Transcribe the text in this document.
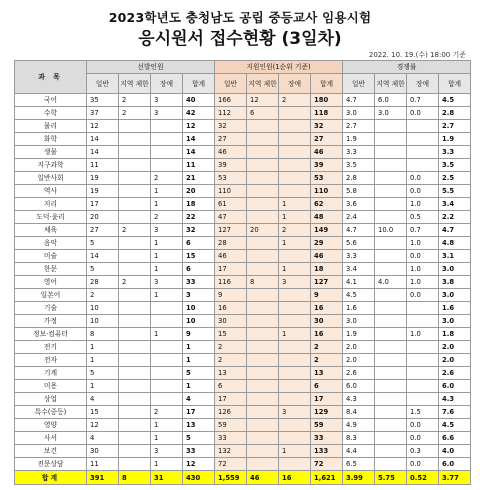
2023학년도 충청남도 공립 중등교사 임용시험
응시원서 접수현황 (3일차)
2022. 10. 19.(수) 18:00 기준
과 목	선발인원				지원인원(1순위 기준)				경쟁률			
	일반	지역 제한	장애	합계	일반	지역 제한	장애	합계	일반	지역 제한	장애	합계
국어	35	2	3	40	166	12	2	180	4.7	6.0	0.7	4.5
수학	37	2	3	42	112	6		118	3.0	3.0	0.0	2.8
물리	12			12	32			32	2.7			2.7
화학	14			14	27			27	1.9			1.9
생물	14			14	46			46	3.3			3.3
지구과학	11			11	39			39	3.5			3.5
일반사회	19		2	21	53			53	2.8		0.0	2.5
역사	19		1	20	110			110	5.8		0.0	5.5
지리	17		1	18	61		1	62	3.6		1.0	3.4
도덕·윤리	20		2	22	47		1	48	2.4		0.5	2.2
체육	27	2	3	32	127	20	2	149	4.7	10.0	0.7	4.7
음악	5		1	6	28		1	29	5.6		1.0	4.8
미술	14		1	15	46			46	3.3		0.0	3.1
한문	5		1	6	17		1	18	3.4		1.0	3.0
영어	28	2	3	33	116	8	3	127	4.1	4.0	1.0	3.8
일본어	2		1	3	9			9	4.5		0.0	3.0
기술	10			10	16			16	1.6			1.6
가정	10			10	30			30	3.0			3.0
정보·컴퓨터	8		1	9	15		1	16	1.9		1.0	1.8
전기	1			1	2			2	2.0			2.0
전자	1			1	2			2	2.0			2.0
기계	5			5	13			13	2.6			2.6
미용	1			1	6			6	6.0			6.0
상업	4			4	17			17	4.3			4.3
특수(중등)	15		2	17	126		3	129	8.4		1.5	7.6
영양	12		1	13	59			59	4.9		0.0	4.5
사서	4		1	5	33			33	8.3		0.0	6.6
보건	30		3	33	132		1	133	4.4		0.3	4.0
전문상담	11		1	12	72			72	6.5		0.0	6.0
합계	391	8	31	430	1,559	46	16	1,621	3.99	5.75	0.52	3.77
